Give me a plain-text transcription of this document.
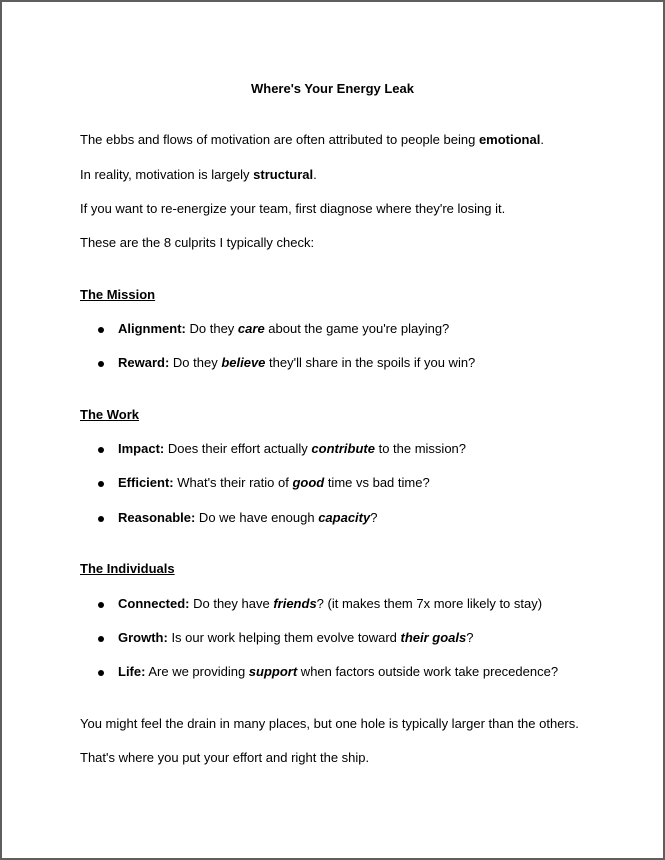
Where's Your Energy Leak
The ebbs and flows of motivation are often attributed to people being emotional.
In reality, motivation is largely structural.
If you want to re-energize your team, first diagnose where they're losing it.
These are the 8 culprits I typically check:
The Mission
Alignment: Do they care about the game you're playing?
Reward: Do they believe they'll share in the spoils if you win?
The Work
Impact: Does their effort actually contribute to the mission?
Efficient: What's their ratio of good time vs bad time?
Reasonable: Do we have enough capacity?
The Individuals
Connected: Do they have friends? (it makes them 7x more likely to stay)
Growth: Is our work helping them evolve toward their goals?
Life: Are we providing support when factors outside work take precedence?
You might feel the drain in many places, but one hole is typically larger than the others.
That's where you put your effort and right the ship.
